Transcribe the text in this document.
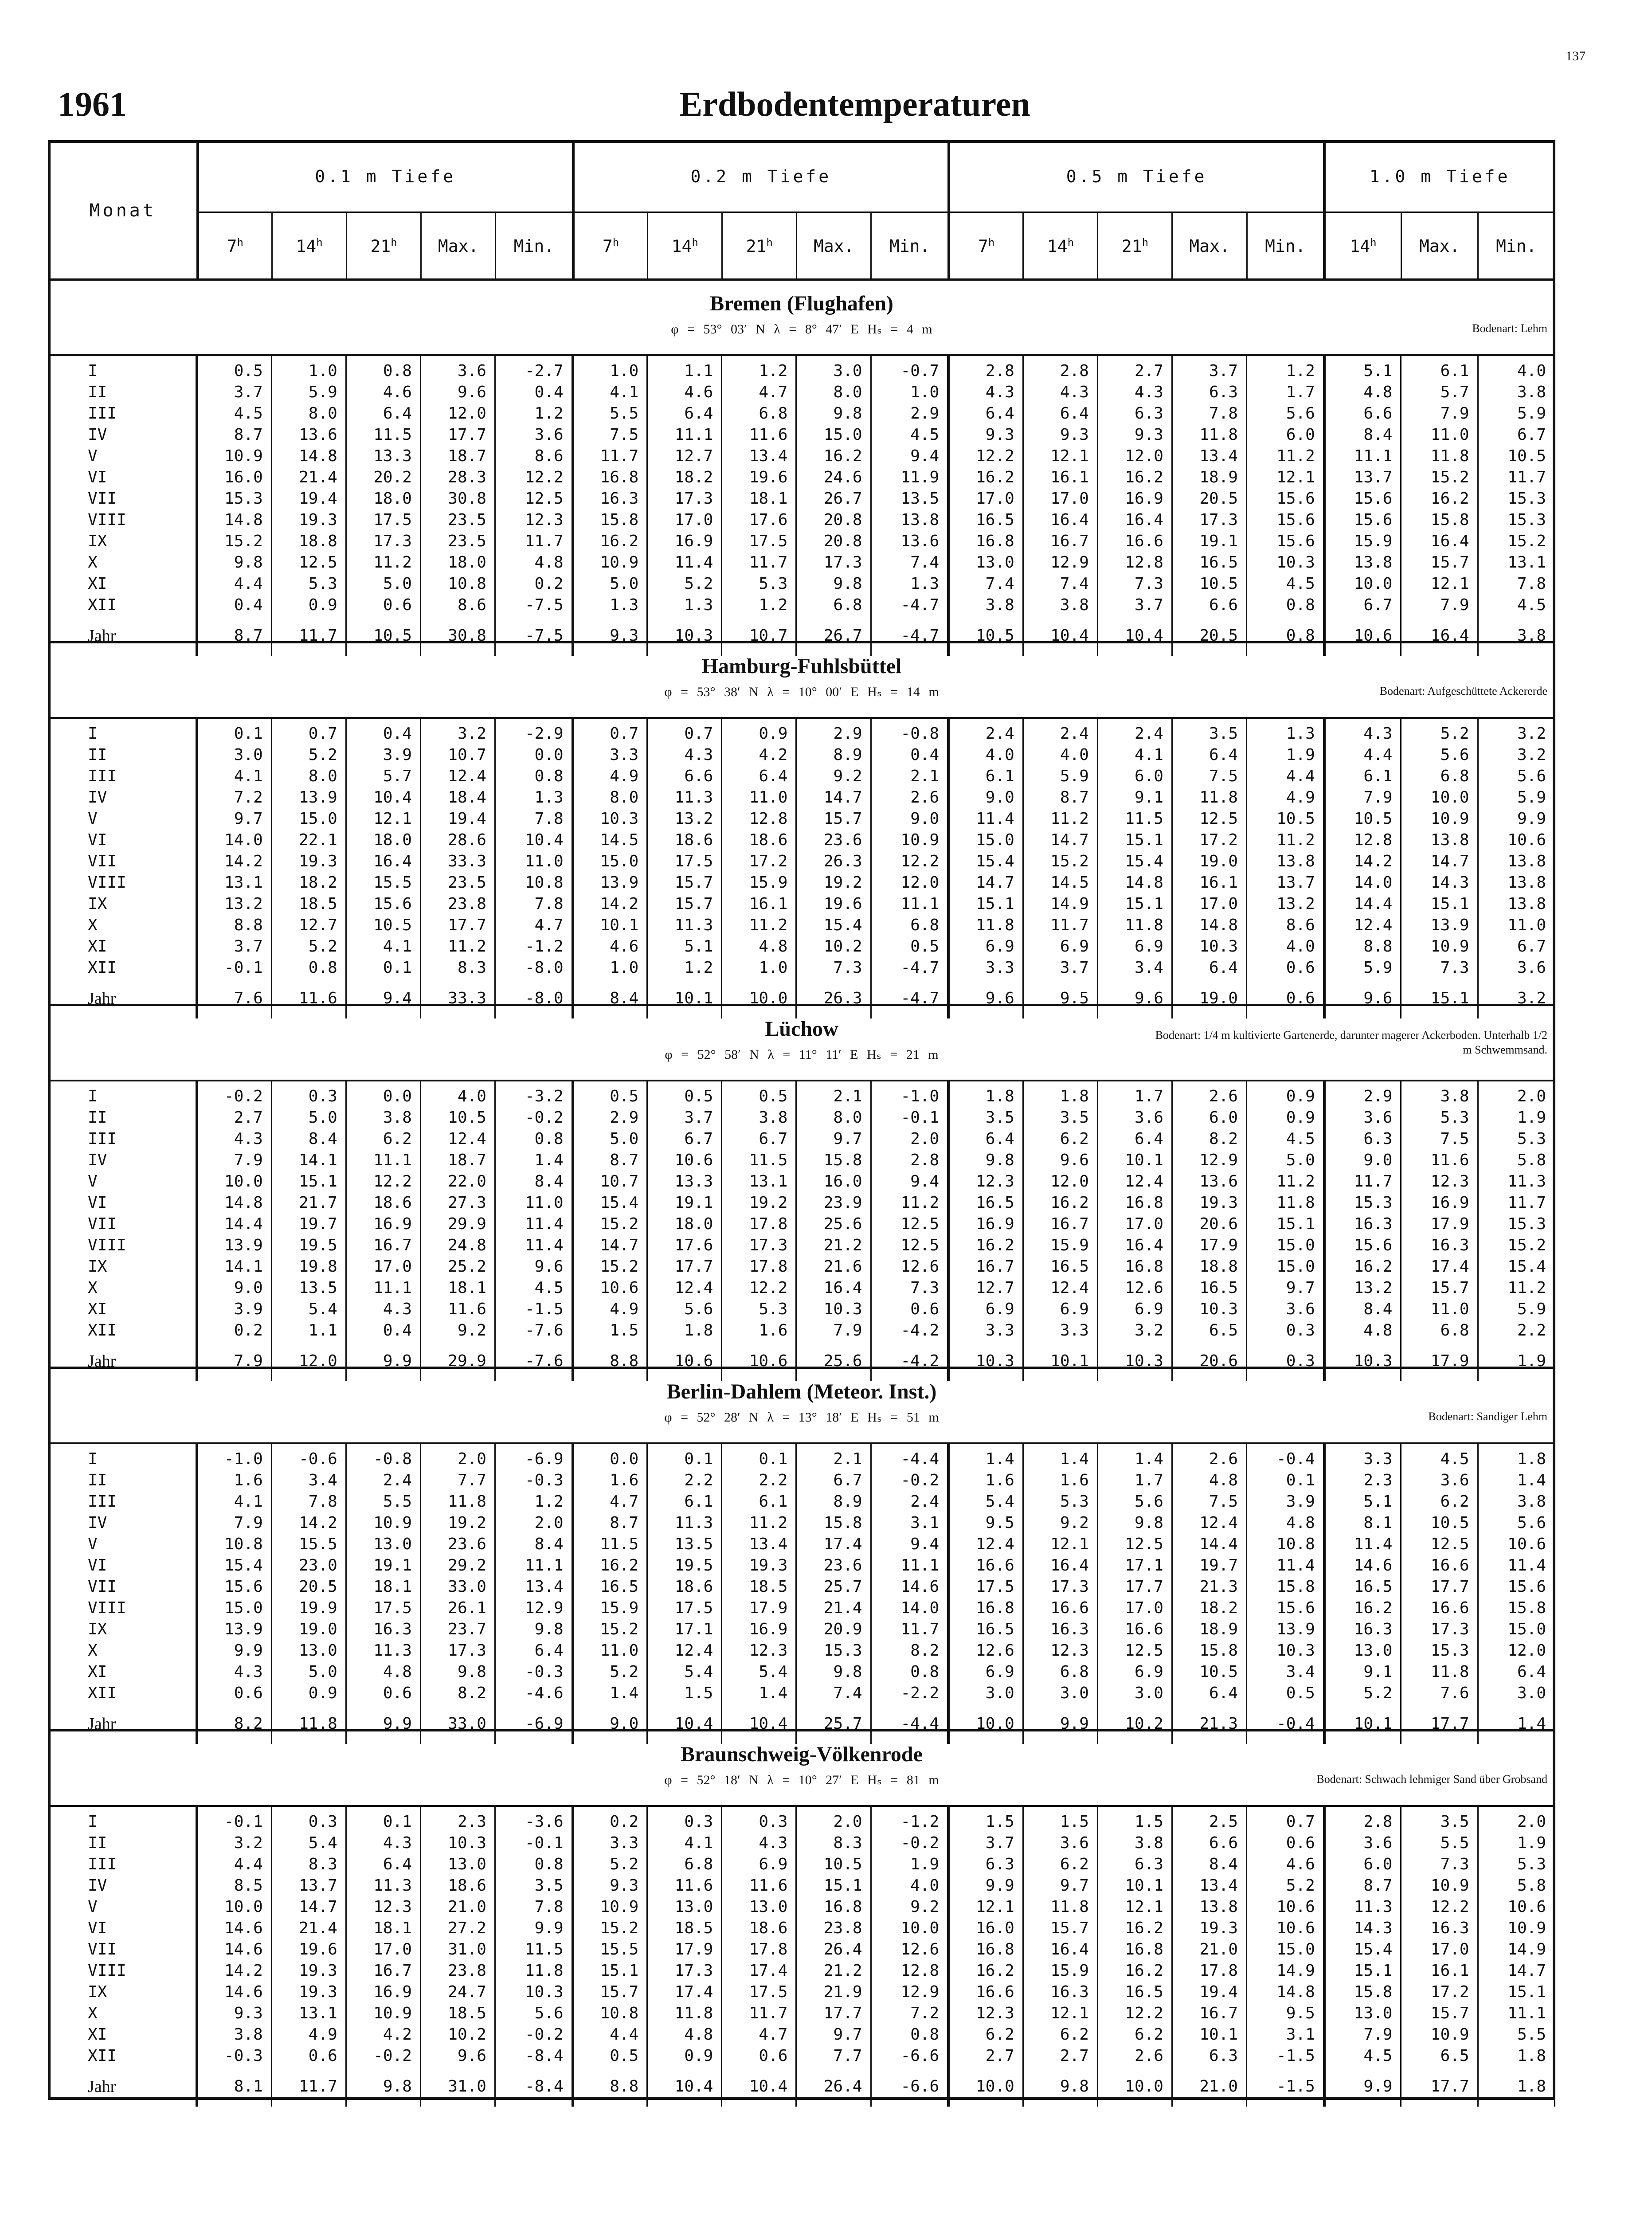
137
1961	Erdbodentemperaturen
Monat	0.1 m Tiefe					0.2 m Tiefe					0.5 m Tiefe					1.0 m Tiefe		
	7$^h$	14$^h$	21$^h$	Max.	Min.	7$^h$	14$^h$	21$^h$	Max.	Min.	7$^h$	14$^h$	21$^h$	Max.	Min.	14$^h$	Max.	Min.
Bremen (Flughafen)
φ = 53° 03′ N λ = 8° 47′ E Hₛ = 4 m	Bodenart: Lehm
I	0.5	1.0	0.8	3.6	-2.7	1.0	1.1	1.2	3.0	-0.7	2.8	2.8	2.7	3.7	1.2	5.1	6.1	4.0
II	3.7	5.9	4.6	9.6	0.4	4.1	4.6	4.7	8.0	1.0	4.3	4.3	4.3	6.3	1.7	4.8	5.7	3.8
III	4.5	8.0	6.4	12.0	1.2	5.5	6.4	6.8	9.8	2.9	6.4	6.4	6.3	7.8	5.6	6.6	7.9	5.9
IV	8.7	13.6	11.5	17.7	3.6	7.5	11.1	11.6	15.0	4.5	9.3	9.3	9.3	11.8	6.0	8.4	11.0	6.7
V	10.9	14.8	13.3	18.7	8.6	11.7	12.7	13.4	16.2	9.4	12.2	12.1	12.0	13.4	11.2	11.1	11.8	10.5
VI	16.0	21.4	20.2	28.3	12.2	16.8	18.2	19.6	24.6	11.9	16.2	16.1	16.2	18.9	12.1	13.7	15.2	11.7
VII	15.3	19.4	18.0	30.8	12.5	16.3	17.3	18.1	26.7	13.5	17.0	17.0	16.9	20.5	15.6	15.6	16.2	15.3
VIII	14.8	19.3	17.5	23.5	12.3	15.8	17.0	17.6	20.8	13.8	16.5	16.4	16.4	17.3	15.6	15.6	15.8	15.3
IX	15.2	18.8	17.3	23.5	11.7	16.2	16.9	17.5	20.8	13.6	16.8	16.7	16.6	19.1	15.6	15.9	16.4	15.2
X	9.8	12.5	11.2	18.0	4.8	10.9	11.4	11.7	17.3	7.4	13.0	12.9	12.8	16.5	10.3	13.8	15.7	13.1
XI	4.4	5.3	5.0	10.8	0.2	5.0	5.2	5.3	9.8	1.3	7.4	7.4	7.3	10.5	4.5	10.0	12.1	7.8
XII	0.4	0.9	0.6	8.6	-7.5	1.3	1.3	1.2	6.8	-4.7	3.8	3.8	3.7	6.6	0.8	6.7	7.9	4.5
Jahr	8.7	11.7	10.5	30.8	-7.5	9.3	10.3	10.7	26.7	-4.7	10.5	10.4	10.4	20.5	0.8	10.6	16.4	3.8
Hamburg-Fuhlsbüttel
φ = 53° 38′ N λ = 10° 00′ E Hₛ = 14 m	Bodenart: Aufgeschüttete Ackererde
I	0.1	0.7	0.4	3.2	-2.9	0.7	0.7	0.9	2.9	-0.8	2.4	2.4	2.4	3.5	1.3	4.3	5.2	3.2
II	3.0	5.2	3.9	10.7	0.0	3.3	4.3	4.2	8.9	0.4	4.0	4.0	4.1	6.4	1.9	4.4	5.6	3.2
III	4.1	8.0	5.7	12.4	0.8	4.9	6.6	6.4	9.2	2.1	6.1	5.9	6.0	7.5	4.4	6.1	6.8	5.6
IV	7.2	13.9	10.4	18.4	1.3	8.0	11.3	11.0	14.7	2.6	9.0	8.7	9.1	11.8	4.9	7.9	10.0	5.9
V	9.7	15.0	12.1	19.4	7.8	10.3	13.2	12.8	15.7	9.0	11.4	11.2	11.5	12.5	10.5	10.5	10.9	9.9
VI	14.0	22.1	18.0	28.6	10.4	14.5	18.6	18.6	23.6	10.9	15.0	14.7	15.1	17.2	11.2	12.8	13.8	10.6
VII	14.2	19.3	16.4	33.3	11.0	15.0	17.5	17.2	26.3	12.2	15.4	15.2	15.4	19.0	13.8	14.2	14.7	13.8
VIII	13.1	18.2	15.5	23.5	10.8	13.9	15.7	15.9	19.2	12.0	14.7	14.5	14.8	16.1	13.7	14.0	14.3	13.8
IX	13.2	18.5	15.6	23.8	7.8	14.2	15.7	16.1	19.6	11.1	15.1	14.9	15.1	17.0	13.2	14.4	15.1	13.8
X	8.8	12.7	10.5	17.7	4.7	10.1	11.3	11.2	15.4	6.8	11.8	11.7	11.8	14.8	8.6	12.4	13.9	11.0
XI	3.7	5.2	4.1	11.2	-1.2	4.6	5.1	4.8	10.2	0.5	6.9	6.9	6.9	10.3	4.0	8.8	10.9	6.7
XII	-0.1	0.8	0.1	8.3	-8.0	1.0	1.2	1.0	7.3	-4.7	3.3	3.7	3.4	6.4	0.6	5.9	7.3	3.6
Jahr	7.6	11.6	9.4	33.3	-8.0	8.4	10.1	10.0	26.3	-4.7	9.6	9.5	9.6	19.0	0.6	9.6	15.1	3.2
Lüchow
φ = 52° 58′ N λ = 11° 11′ E Hₛ = 21 m
Bodenart: 1/4 m kultivierte Gartenerde, darunter magerer Ackerboden. Unterhalb 1/2 m Schwemmsand.
I	-0.2	0.3	0.0	4.0	-3.2	0.5	0.5	0.5	2.1	-1.0	1.8	1.8	1.7	2.6	0.9	2.9	3.8	2.0
II	2.7	5.0	3.8	10.5	-0.2	2.9	3.7	3.8	8.0	-0.1	3.5	3.5	3.6	6.0	0.9	3.6	5.3	1.9
III	4.3	8.4	6.2	12.4	0.8	5.0	6.7	6.7	9.7	2.0	6.4	6.2	6.4	8.2	4.5	6.3	7.5	5.3
IV	7.9	14.1	11.1	18.7	1.4	8.7	10.6	11.5	15.8	2.8	9.8	9.6	10.1	12.9	5.0	9.0	11.6	5.8
V	10.0	15.1	12.2	22.0	8.4	10.7	13.3	13.1	16.0	9.4	12.3	12.0	12.4	13.6	11.2	11.7	12.3	11.3
VI	14.8	21.7	18.6	27.3	11.0	15.4	19.1	19.2	23.9	11.2	16.5	16.2	16.8	19.3	11.8	15.3	16.9	11.7
VII	14.4	19.7	16.9	29.9	11.4	15.2	18.0	17.8	25.6	12.5	16.9	16.7	17.0	20.6	15.1	16.3	17.9	15.3
VIII	13.9	19.5	16.7	24.8	11.4	14.7	17.6	17.3	21.2	12.5	16.2	15.9	16.4	17.9	15.0	15.6	16.3	15.2
IX	14.1	19.8	17.0	25.2	9.6	15.2	17.7	17.8	21.6	12.6	16.7	16.5	16.8	18.8	15.0	16.2	17.4	15.4
X	9.0	13.5	11.1	18.1	4.5	10.6	12.4	12.2	16.4	7.3	12.7	12.4	12.6	16.5	9.7	13.2	15.7	11.2
XI	3.9	5.4	4.3	11.6	-1.5	4.9	5.6	5.3	10.3	0.6	6.9	6.9	6.9	10.3	3.6	8.4	11.0	5.9
XII	0.2	1.1	0.4	9.2	-7.6	1.5	1.8	1.6	7.9	-4.2	3.3	3.3	3.2	6.5	0.3	4.8	6.8	2.2
Jahr	7.9	12.0	9.9	29.9	-7.6	8.8	10.6	10.6	25.6	-4.2	10.3	10.1	10.3	20.6	0.3	10.3	17.9	1.9
Berlin-Dahlem (Meteor. Inst.)
φ = 52° 28′ N λ = 13° 18′ E Hₛ = 51 m	Bodenart: Sandiger Lehm
I	-1.0	-0.6	-0.8	2.0	-6.9	0.0	0.1	0.1	2.1	-4.4	1.4	1.4	1.4	2.6	-0.4	3.3	4.5	1.8
II	1.6	3.4	2.4	7.7	-0.3	1.6	2.2	2.2	6.7	-0.2	1.6	1.6	1.7	4.8	0.1	2.3	3.6	1.4
III	4.1	7.8	5.5	11.8	1.2	4.7	6.1	6.1	8.9	2.4	5.4	5.3	5.6	7.5	3.9	5.1	6.2	3.8
IV	7.9	14.2	10.9	19.2	2.0	8.7	11.3	11.2	15.8	3.1	9.5	9.2	9.8	12.4	4.8	8.1	10.5	5.6
V	10.8	15.5	13.0	23.6	8.4	11.5	13.5	13.4	17.4	9.4	12.4	12.1	12.5	14.4	10.8	11.4	12.5	10.6
VI	15.4	23.0	19.1	29.2	11.1	16.2	19.5	19.3	23.6	11.1	16.6	16.4	17.1	19.7	11.4	14.6	16.6	11.4
VII	15.6	20.5	18.1	33.0	13.4	16.5	18.6	18.5	25.7	14.6	17.5	17.3	17.7	21.3	15.8	16.5	17.7	15.6
VIII	15.0	19.9	17.5	26.1	12.9	15.9	17.5	17.9	21.4	14.0	16.8	16.6	17.0	18.2	15.6	16.2	16.6	15.8
IX	13.9	19.0	16.3	23.7	9.8	15.2	17.1	16.9	20.9	11.7	16.5	16.3	16.6	18.9	13.9	16.3	17.3	15.0
X	9.9	13.0	11.3	17.3	6.4	11.0	12.4	12.3	15.3	8.2	12.6	12.3	12.5	15.8	10.3	13.0	15.3	12.0
XI	4.3	5.0	4.8	9.8	-0.3	5.2	5.4	5.4	9.8	0.8	6.9	6.8	6.9	10.5	3.4	9.1	11.8	6.4
XII	0.6	0.9	0.6	8.2	-4.6	1.4	1.5	1.4	7.4	-2.2	3.0	3.0	3.0	6.4	0.5	5.2	7.6	3.0
Jahr	8.2	11.8	9.9	33.0	-6.9	9.0	10.4	10.4	25.7	-4.4	10.0	9.9	10.2	21.3	-0.4	10.1	17.7	1.4
Braunschweig-Völkenrode
φ = 52° 18′ N λ = 10° 27′ E Hₛ = 81 m	Bodenart: Schwach lehmiger Sand über Grobsand
I	-0.1	0.3	0.1	2.3	-3.6	0.2	0.3	0.3	2.0	-1.2	1.5	1.5	1.5	2.5	0.7	2.8	3.5	2.0
II	3.2	5.4	4.3	10.3	-0.1	3.3	4.1	4.3	8.3	-0.2	3.7	3.6	3.8	6.6	0.6	3.6	5.5	1.9
III	4.4	8.3	6.4	13.0	0.8	5.2	6.8	6.9	10.5	1.9	6.3	6.2	6.3	8.4	4.6	6.0	7.3	5.3
IV	8.5	13.7	11.3	18.6	3.5	9.3	11.6	11.6	15.1	4.0	9.9	9.7	10.1	13.4	5.2	8.7	10.9	5.8
V	10.0	14.7	12.3	21.0	7.8	10.9	13.0	13.0	16.8	9.2	12.1	11.8	12.1	13.8	10.6	11.3	12.2	10.6
VI	14.6	21.4	18.1	27.2	9.9	15.2	18.5	18.6	23.8	10.0	16.0	15.7	16.2	19.3	10.6	14.3	16.3	10.9
VII	14.6	19.6	17.0	31.0	11.5	15.5	17.9	17.8	26.4	12.6	16.8	16.4	16.8	21.0	15.0	15.4	17.0	14.9
VIII	14.2	19.3	16.7	23.8	11.8	15.1	17.3	17.4	21.2	12.8	16.2	15.9	16.2	17.8	14.9	15.1	16.1	14.7
IX	14.6	19.3	16.9	24.7	10.3	15.7	17.4	17.5	21.9	12.9	16.6	16.3	16.5	19.4	14.8	15.8	17.2	15.1
X	9.3	13.1	10.9	18.5	5.6	10.8	11.8	11.7	17.7	7.2	12.3	12.1	12.2	16.7	9.5	13.0	15.7	11.1
XI	3.8	4.9	4.2	10.2	-0.2	4.4	4.8	4.7	9.7	0.8	6.2	6.2	6.2	10.1	3.1	7.9	10.9	5.5
XII	-0.3	0.6	-0.2	9.6	-8.4	0.5	0.9	0.6	7.7	-6.6	2.7	2.7	2.6	6.3	-1.5	4.5	6.5	1.8
Jahr	8.1	11.7	9.8	31.0	-8.4	8.8	10.4	10.4	26.4	-6.6	10.0	9.8	10.0	21.0	-1.5	9.9	17.7	1.8
